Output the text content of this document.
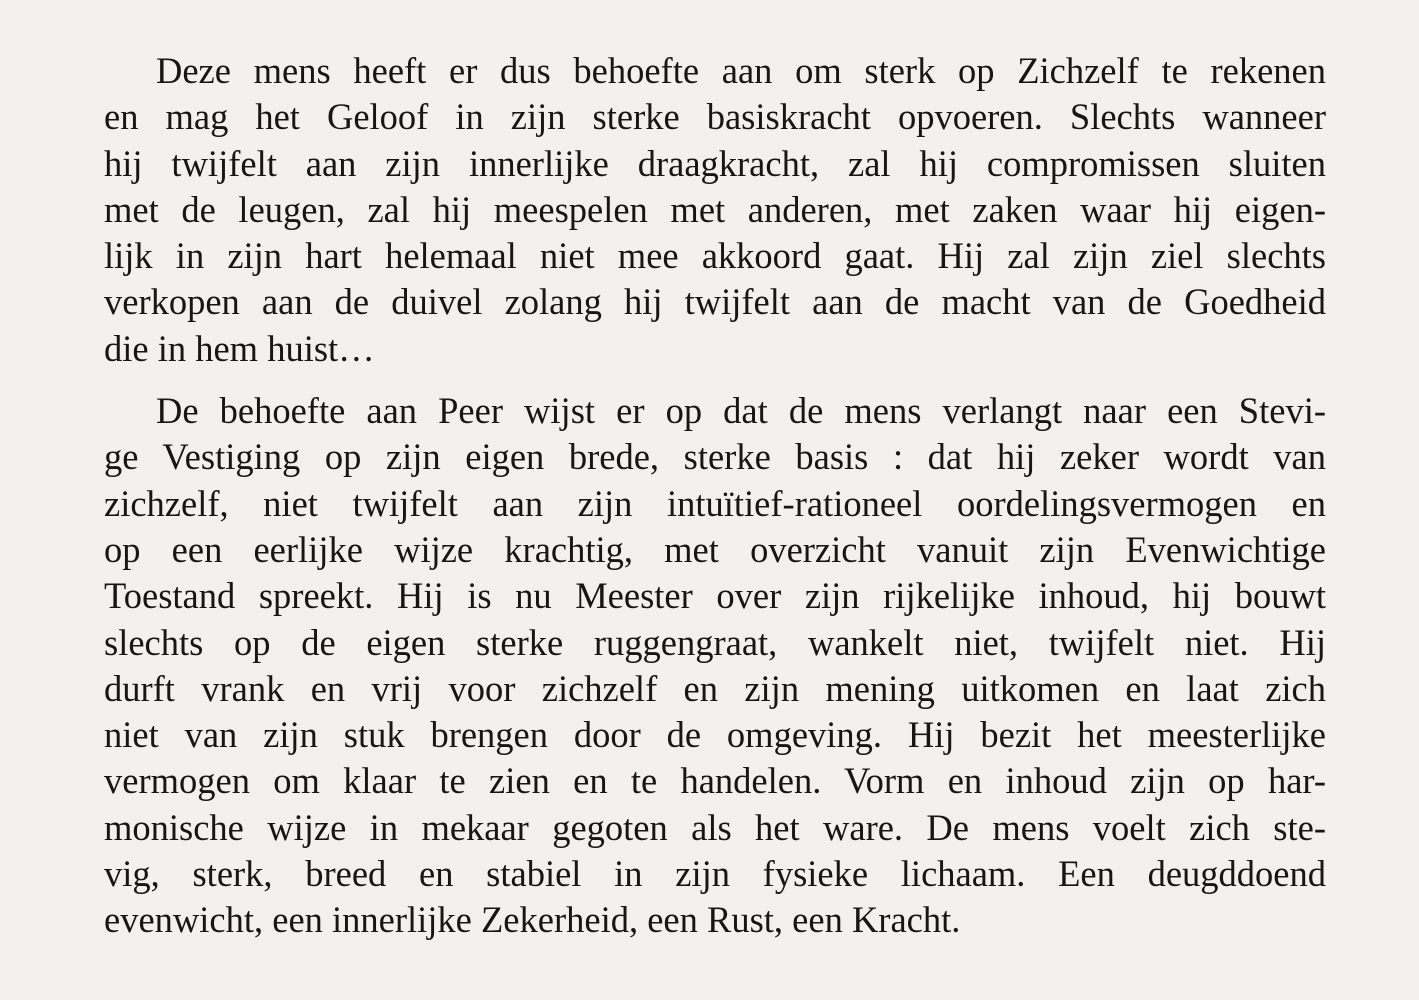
Deze mens heeft er dus behoefte aan om sterk op Zichzelf te rekenen
en mag het Geloof in zijn sterke basiskracht opvoeren. Slechts wanneer
hij twijfelt aan zijn innerlijke draagkracht, zal hij compromissen sluiten
met de leugen, zal hij meespelen met anderen, met zaken waar hij eigen-
lijk in zijn hart helemaal niet mee akkoord gaat. Hij zal zijn ziel slechts
verkopen aan de duivel zolang hij twijfelt aan de macht van de Goedheid
die in hem huist…
De behoefte aan Peer wijst er op dat de mens verlangt naar een Stevi-
ge Vestiging op zijn eigen brede, sterke basis : dat hij zeker wordt van
zichzelf, niet twijfelt aan zijn intuïtief-rationeel oordelingsvermogen en
op een eerlijke wijze krachtig, met overzicht vanuit zijn Evenwichtige
Toestand spreekt. Hij is nu Meester over zijn rijkelijke inhoud, hij bouwt
slechts op de eigen sterke ruggengraat, wankelt niet, twijfelt niet. Hij
durft vrank en vrij voor zichzelf en zijn mening uitkomen en laat zich
niet van zijn stuk brengen door de omgeving. Hij bezit het meesterlijke
vermogen om klaar te zien en te handelen. Vorm en inhoud zijn op har-
monische wijze in mekaar gegoten als het ware. De mens voelt zich ste-
vig, sterk, breed en stabiel in zijn fysieke lichaam. Een deugddoend
evenwicht, een innerlijke Zekerheid, een Rust, een Kracht.
